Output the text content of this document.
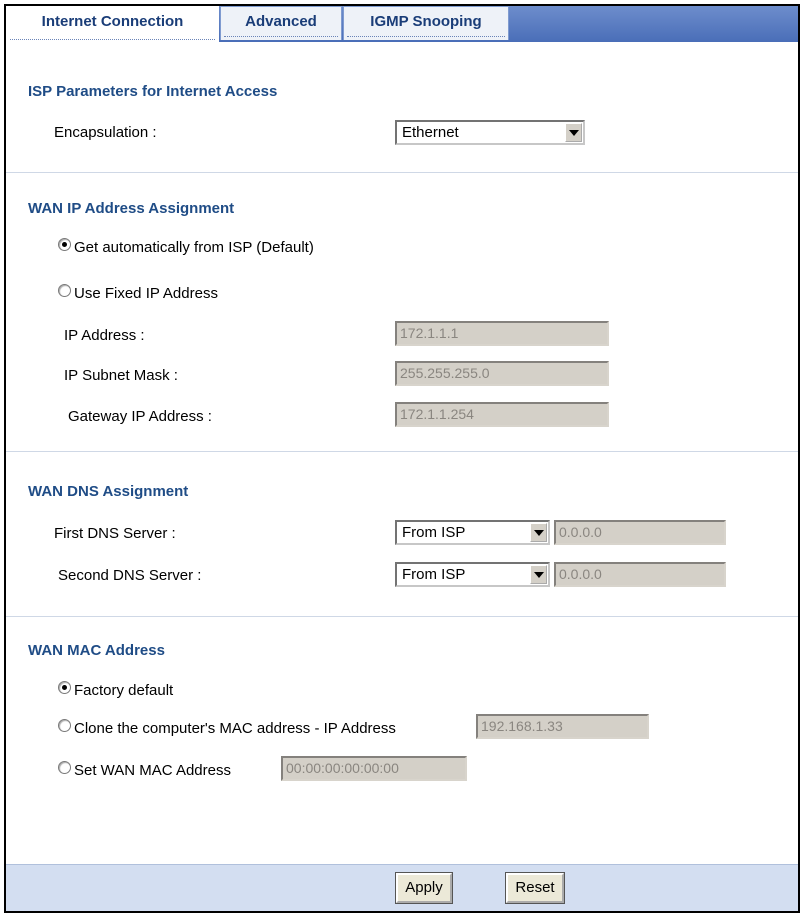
Internet Connection	Advanced	IGMP Snooping
ISP Parameters for Internet Access
Encapsulation :	Ethernet
WAN IP Address Assignment
Get automatically from ISP (Default)
Use Fixed IP Address
IP Address :	172.1.1.1
IP Subnet Mask :	255.255.255.0
Gateway IP Address :	172.1.1.254
WAN DNS Assignment
First DNS Server :	From ISP	0.0.0.0
Second DNS Server :	From ISP	0.0.0.0
WAN MAC Address
Factory default
Clone the computer's MAC address - IP Address	192.168.1.33
Set WAN MAC Address	00:00:00:00:00:00
Apply	Reset
